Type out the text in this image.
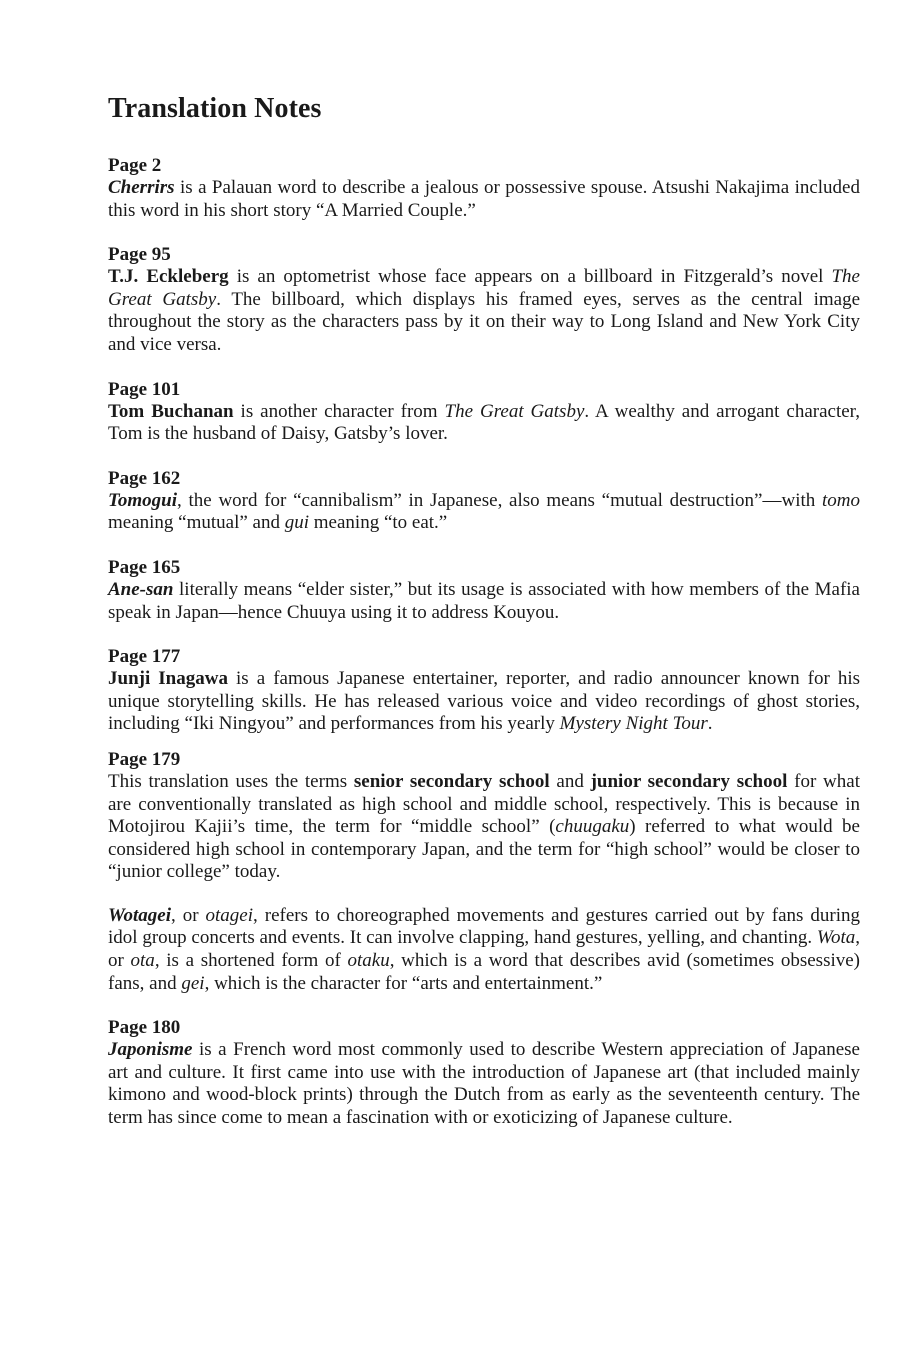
Translation Notes
Page 2

Cherrirs is a Palauan word to describe a jealous or possessive spouse. Atsushi Nakajima included this word in his short story “A Married Couple.”

Page 95

T.J. Eckleberg is an optometrist whose face appears on a billboard in Fitzgerald’s novel The Great Gatsby. The billboard, which displays his framed eyes, serves as the central image throughout the story as the characters pass by it on their way to Long Island and New York City and vice versa.

Page 101

Tom Buchanan is another character from The Great Gatsby. A wealthy and arrogant character, Tom is the husband of Daisy, Gatsby’s lover.

Page 162

Tomogui, the word for “cannibalism” in Japanese, also means “mutual destruction”—with tomo meaning “mutual” and gui meaning “to eat.”

Page 165

Ane-san literally means “elder sister,” but its usage is associated with how members of the Mafia speak in Japan—hence Chuuya using it to address Kouyou.

Page 177

Junji Inagawa is a famous Japanese entertainer, reporter, and radio announcer known for his unique storytelling skills. He has released various voice and video recordings of ghost stories, including “Iki Ningyou” and performances from his yearly Mystery Night Tour.

Page 179

This translation uses the terms senior secondary school and junior secondary school for what are conventionally translated as high school and middle school, respectively. This is because in Motojirou Kajii’s time, the term for “middle school” (chuugaku) referred to what would be considered high school in contemporary Japan, and the term for “high school” would be closer to “junior college” today.

Wotagei, or otagei, refers to choreographed movements and gestures carried out by fans during idol group concerts and events. It can involve clapping, hand gestures, yelling, and chanting. Wota, or ota, is a shortened form of otaku, which is a word that describes avid (sometimes obsessive) fans, and gei, which is the character for “arts and entertainment.”

Page 180

Japonisme is a French word most commonly used to describe Western appreciation of Japanese art and culture. It first came into use with the introduction of Japanese art (that included mainly kimono and wood-block prints) through the Dutch from as early as the seventeenth century. The term has since come to mean a fascination with or exoticizing of Japanese culture.
